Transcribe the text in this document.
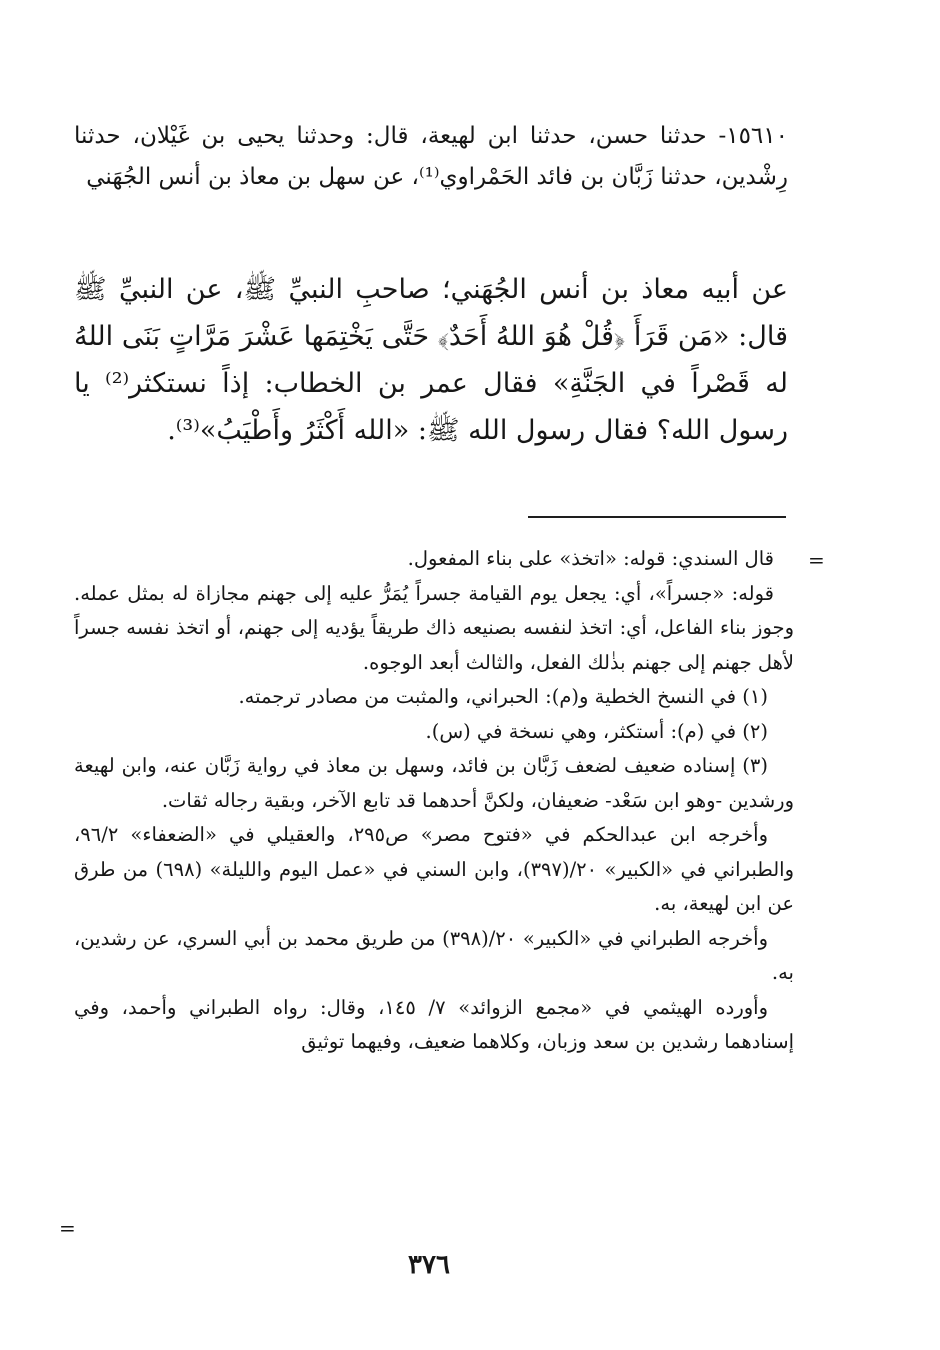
١٥٦١٠- حدثنا حسن، حدثنا ابن لهيعة، قال: وحدثنا يحيى بن غَيْلان، حدثنا رِشْدين، حدثنا زَبَّان بن فائد الحَمْراوي⁽¹⁾، عن سهل بن معاذ بن أنس الجُهَني

عن أبيه معاذ بن أنس الجُهَني؛ صاحبِ النبيِّ ﷺ، عن النبيِّ ﷺ قال: «مَن قَرَأَ ﴿قُلْ هُوَ اللهُ أَحَدٌ﴾ حَتَّى يَخْتِمَها عَشْرَ مَرَّاتٍ بَنَى اللهُ له قَصْراً في الجَنَّةِ» فقال عمر بن الخطاب: إذاً نستكثر⁽²⁾ يا رسول الله؟ فقال رسول الله ﷺ: «الله أَكْثَرُ وأَطْيَبُ»⁽³⁾.

=

قال السندي: قوله: «اتخذ» على بناء المفعول.

قوله: «جسراً»، أي: يجعل يوم القيامة جسراً يُمَرُّ عليه إلى جهنم مجازاة له بمثل عمله. وجوز بناء الفاعل، أي: اتخذ لنفسه بصنيعه ذاك طريقاً يؤديه إلى جهنم، أو اتخذ نفسه جسراً لأهل جهنم إلى جهنم بذٰلك الفعل، والثالث أبعد الوجوه.

(١) في النسخ الخطية و(م): الحبراني، والمثبت من مصادر ترجمته.

(٢) في (م): أستكثر، وهي نسخة في (س).

(٣) إسناده ضعيف لضعف زَبَّان بن فائد، وسهل بن معاذ في رواية زَبَّان عنه، وابن لهيعة ورشدين -وهو ابن سَعْد- ضعيفان، ولكنَّ أحدهما قد تابع الآخر، وبقية رجاله ثقات.

وأخرجه ابن عبدالحكم في «فتوح مصر» ص٢٩٥، والعقيلي في «الضعفاء» ٩٦/٢، والطبراني في «الكبير» ٢٠/(٣٩٧)، وابن السني في «عمل اليوم والليلة» (٦٩٨) من طرق عن ابن لهيعة، به.

وأخرجه الطبراني في «الكبير» ٢٠/(٣٩٨) من طريق محمد بن أبي السري، عن رشدين، به.

وأورده الهيثمي في «مجمع الزوائد» ٧/ ١٤٥، وقال: رواه الطبراني وأحمد، وفي إسنادهما رشدين بن سعد وزبان، وكلاهما ضعيف، وفيهما توثيق

=
٣٧٦
